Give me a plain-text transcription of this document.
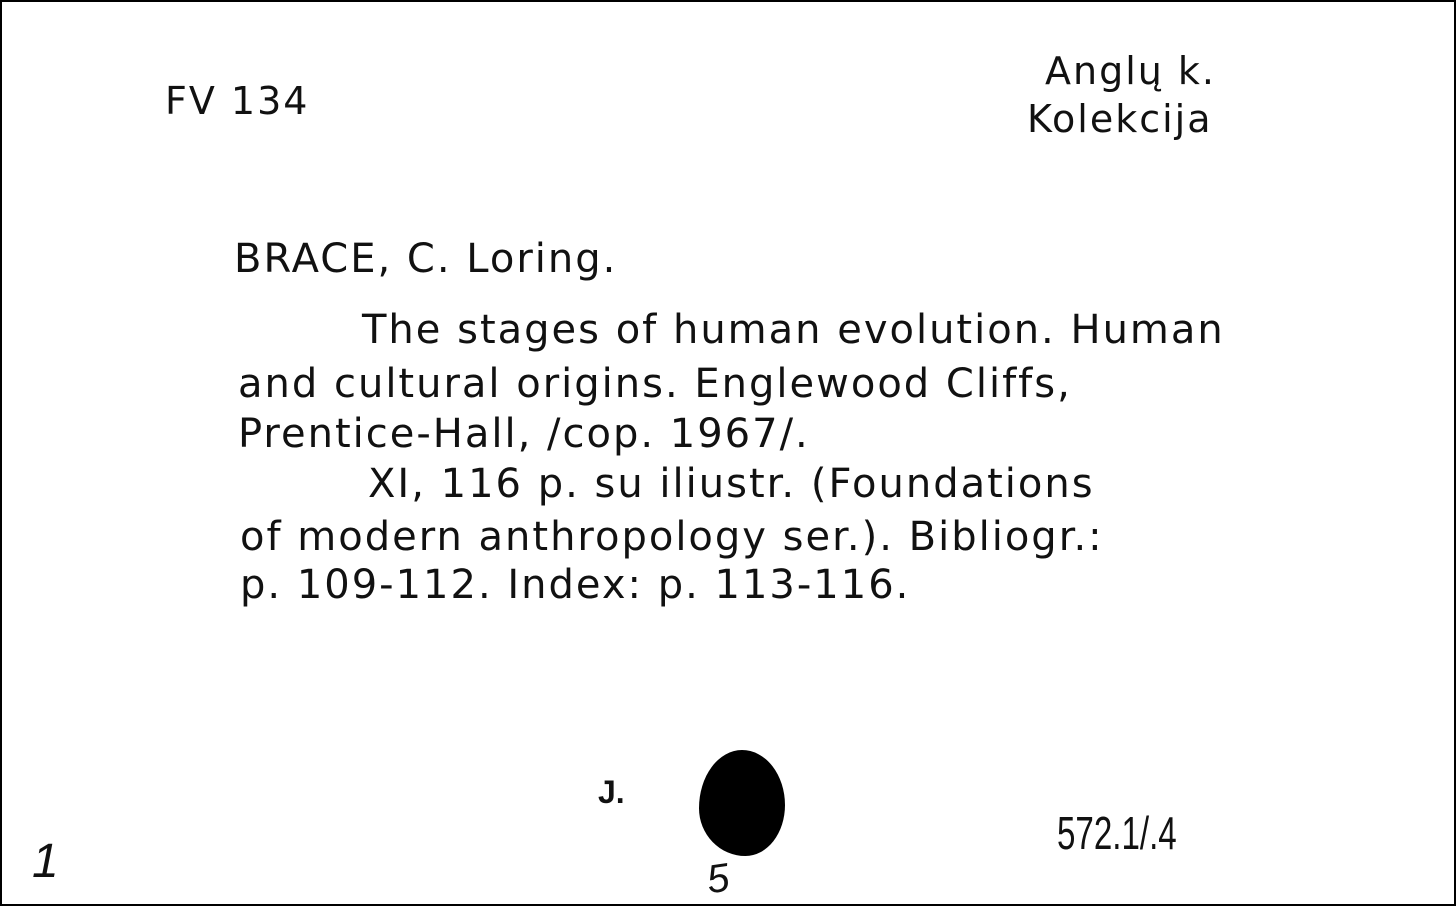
FV 134
Anglų k.
Kolekcija
BRACE, C. Loring.
The stages of human evolution. Human
and cultural origins. Englewood Cliffs,
Prentice-Hall, /cop. 1967/.
XI, 116 p. su iliustr. (Foundations
of modern anthropology ser.). Bibliogr.:
p. 109-112. Index: p. 113-116.
1
J.
5
572.1/.4
